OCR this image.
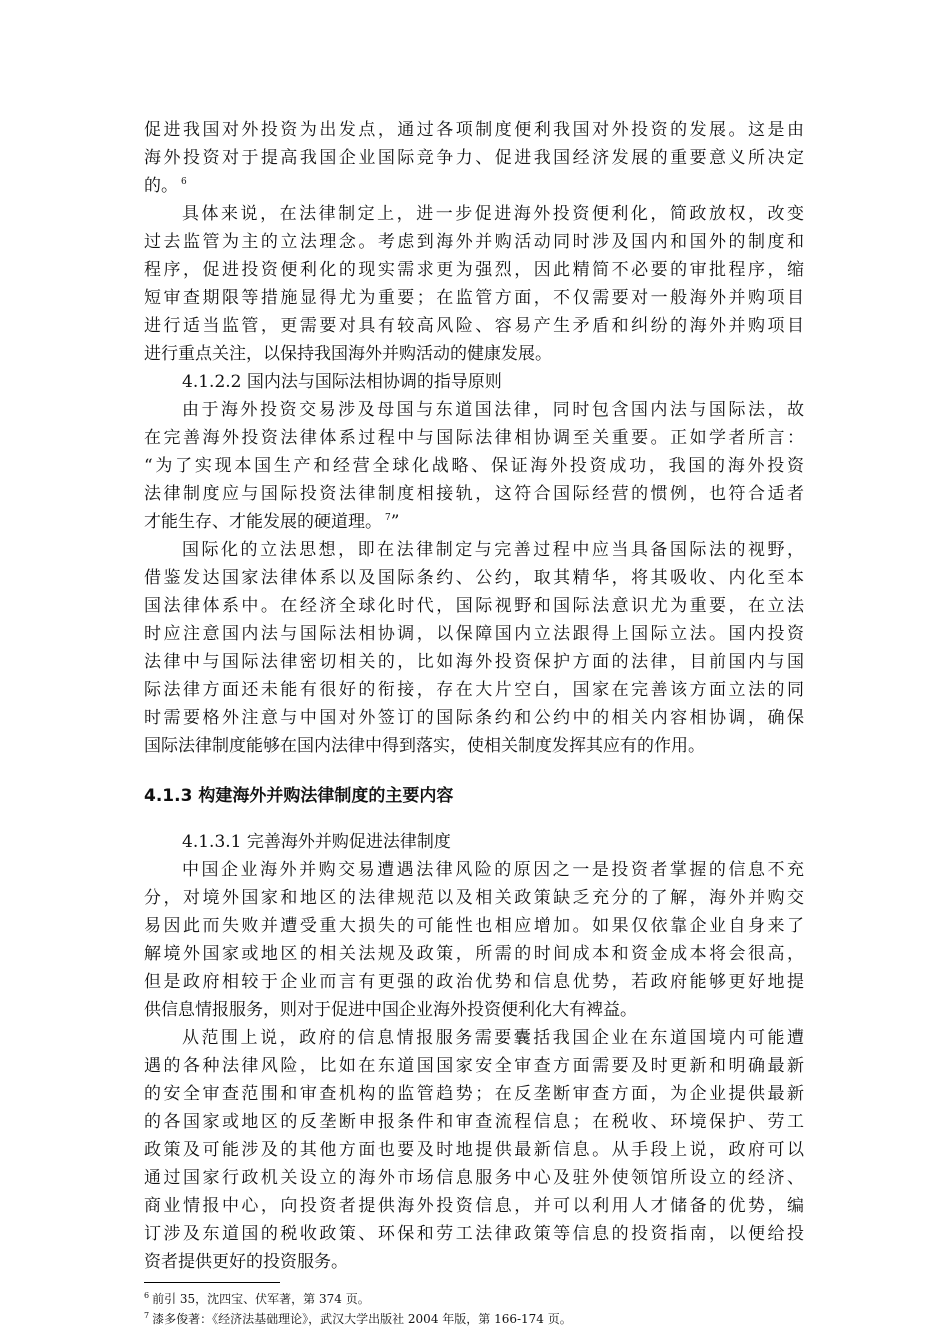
促进我国对外投资为出发点，通过各项制度便利我国对外投资的发展。这是由
海外投资对于提高我国企业国际竞争力、促进我国经济发展的重要意义所决定
的。 $^6$
具体来说，在法律制定上，进一步促进海外投资便利化，简政放权，改变
过去监管为主的立法理念。考虑到海外并购活动同时涉及国内和国外的制度和
程序，促进投资便利化的现实需求更为强烈，因此精简不必要的审批程序，缩
短审查期限等措施显得尤为重要；在监管方面，不仅需要对一般海外并购项目
进行适当监管，更需要对具有较高风险、容易产生矛盾和纠纷的海外并购项目
进行重点关注，以保持我国海外并购活动的健康发展。
4.1.2.2 国内法与国际法相协调的指导原则
由于海外投资交易涉及母国与东道国法律，同时包含国内法与国际法，故
在完善海外投资法律体系过程中与国际法律相协调至关重要。正如学者所言：
“为了实现本国生产和经营全球化战略、保证海外投资成功，我国的海外投资
法律制度应与国际投资法律制度相接轨，这符合国际经营的惯例，也符合适者
才能生存、才能发展的硬道理。 $^7$”
国际化的立法思想，即在法律制定与完善过程中应当具备国际法的视野，
借鉴发达国家法律体系以及国际条约、公约，取其精华，将其吸收、内化至本
国法律体系中。在经济全球化时代，国际视野和国际法意识尤为重要，在立法
时应注意国内法与国际法相协调，以保障国内立法跟得上国际立法。国内投资
法律中与国际法律密切相关的，比如海外投资保护方面的法律，目前国内与国
际法律方面还未能有很好的衔接，存在大片空白，国家在完善该方面立法的同
时需要格外注意与中国对外签订的国际条约和公约中的相关内容相协调，确保
国际法律制度能够在国内法律中得到落实，使相关制度发挥其应有的作用。
4.1.3 构建海外并购法律制度的主要内容
4.1.3.1 完善海外并购促进法律制度
中国企业海外并购交易遭遇法律风险的原因之一是投资者掌握的信息不充
分，对境外国家和地区的法律规范以及相关政策缺乏充分的了解，海外并购交
易因此而失败并遭受重大损失的可能性也相应增加。如果仅依靠企业自身来了
解境外国家或地区的相关法规及政策，所需的时间成本和资金成本将会很高，
但是政府相较于企业而言有更强的政治优势和信息优势，若政府能够更好地提
供信息情报服务，则对于促进中国企业海外投资便利化大有裨益。
从范围上说，政府的信息情报服务需要囊括我国企业在东道国境内可能遭
遇的各种法律风险，比如在东道国国家安全审查方面需要及时更新和明确最新
的安全审查范围和审查机构的监管趋势；在反垄断审查方面，为企业提供最新
的各国家或地区的反垄断申报条件和审查流程信息；在税收、环境保护、劳工
政策及可能涉及的其他方面也要及时地提供最新信息。从手段上说，政府可以
通过国家行政机关设立的海外市场信息服务中心及驻外使领馆所设立的经济、
商业情报中心，向投资者提供海外投资信息，并可以利用人才储备的优势，编
订涉及东道国的税收政策、环保和劳工法律政策等信息的投资指南，以便给投
资者提供更好的投资服务。
$^6$ 前引 35，沈四宝、伏军著，第 374 页。
$^7$ 漆多俊著：《经济法基础理论》，武汉大学出版社 2004 年版，第 166-174 页。
